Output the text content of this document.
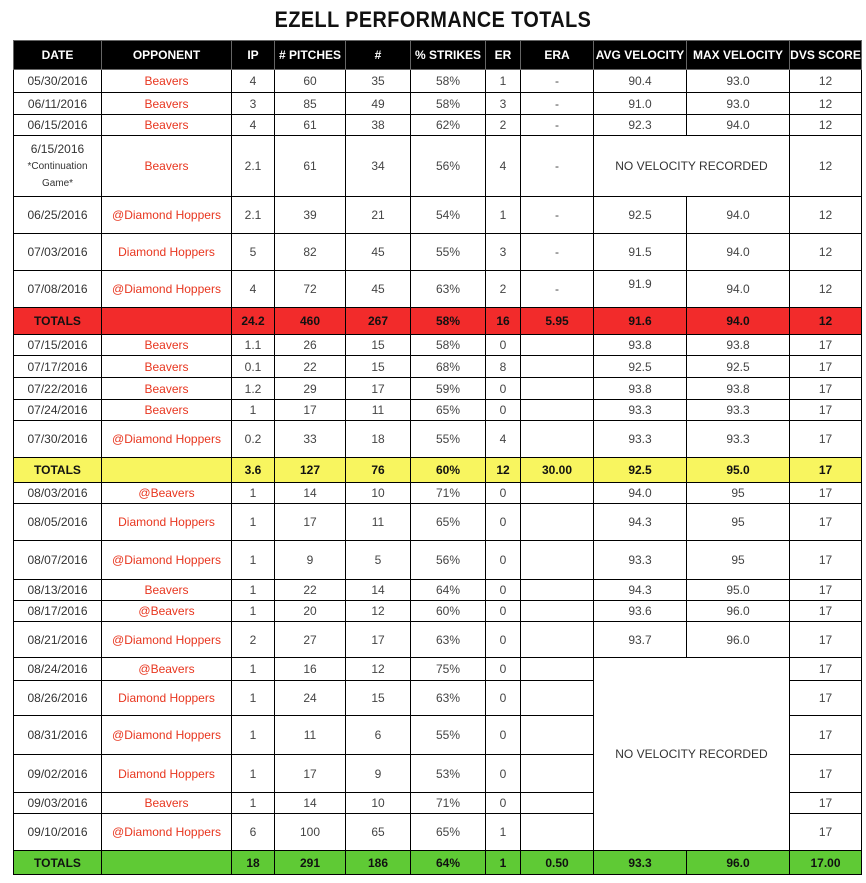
EZELL PERFORMANCE TOTALS
DATE	OPPONENT	IP	# PITCHES	#	% STRIKES	ER	ERA	AVG VELOCITY	MAX VELOCITY	DVS SCORE
05/30/2016	Beavers	4	60	35	58%	1	-	90.4	93.0	12
06/11/2016	Beavers	3	85	49	58%	3	-	91.0	93.0	12
06/15/2016	Beavers	4	61	38	62%	2	-	92.3	94.0	12

6/15/2016
*Continuation Game*	Beavers	2.1	61	34	56%	4	-	NO VELOCITY RECORDED		12
06/25/2016	@Diamond Hoppers	2.1	39	21	54%	1	-	92.5	94.0	12
07/03/2016	Diamond Hoppers	5	82	45	55%	3	-	91.5	94.0	12
07/08/2016	@Diamond Hoppers	4	72	45	63%	2	-	91.9	94.0	12
TOTALS		24.2	460	267	58%	16	5.95	91.6	94.0	12
07/15/2016	Beavers	1.1	26	15	58%	0		93.8	93.8	17
07/17/2016	Beavers	0.1	22	15	68%	8		92.5	92.5	17
07/22/2016	Beavers	1.2	29	17	59%	0		93.8	93.8	17
07/24/2016	Beavers	1	17	11	65%	0		93.3	93.3	17
07/30/2016	@Diamond Hoppers	0.2	33	18	55%	4		93.3	93.3	17
TOTALS		3.6	127	76	60%	12	30.00	92.5	95.0	17
08/03/2016	@Beavers	1	14	10	71%	0		94.0	95	17
08/05/2016	Diamond Hoppers	1	17	11	65%	0		94.3	95	17
08/07/2016	@Diamond Hoppers	1	9	5	56%	0		93.3	95	17
08/13/2016	Beavers	1	22	14	64%	0		94.3	95.0	17
08/17/2016	@Beavers	1	20	12	60%	0		93.6	96.0	17
08/21/2016	@Diamond Hoppers	2	27	17	63%	0		93.7	96.0	17
08/24/2016	@Beavers	1	16	12	75%	0		NO VELOCITY RECORDED		17
08/26/2016	Diamond Hoppers	1	24	15	63%	0				17
08/31/2016	@Diamond Hoppers	1	11	6	55%	0				17
09/02/2016	Diamond Hoppers	1	17	9	53%	0				17
09/03/2016	Beavers	1	14	10	71%	0				17
09/10/2016	@Diamond Hoppers	6	100	65	65%	1				17
TOTALS		18	291	186	64%	1	0.50	93.3	96.0	17.00
